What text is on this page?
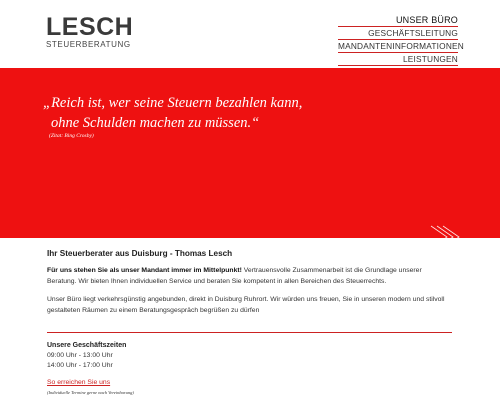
LESCH
STEUERBERATUNG
UNSER BÜRO
GESCHÄFTSLEITUNG
MANDANTENINFORMATIONEN
LEISTUNGEN
„Reich ist, wer seine Steuern bezahlen kann,
ohne Schulden machen zu müssen.“
(Zitat: Bing Crosby)
Ihr Steuerberater aus Duisburg - Thomas Lesch

Für uns stehen Sie als unser Mandant immer im Mittelpunkt! Vertrauensvolle Zusammenarbeit ist die Grundlage unserer Beratung. Wir bieten Ihnen individuellen Service und beraten Sie kompetent in allen Bereichen des Steuerrechts.

Unser Büro liegt verkehrsgünstig angebunden, direkt in Duisburg Ruhrort. Wir würden uns freuen, Sie in unseren modern und stilvoll gestalteten Räumen zu einem Beratungsgespräch begrüßen zu dürfen

Unsere Geschäftszeiten
09:00 Uhr - 13:00 Uhr
14:00 Uhr - 17:00 Uhr
So erreichen Sie uns
(Individuelle Termine gerne nach Vereinbarung)
